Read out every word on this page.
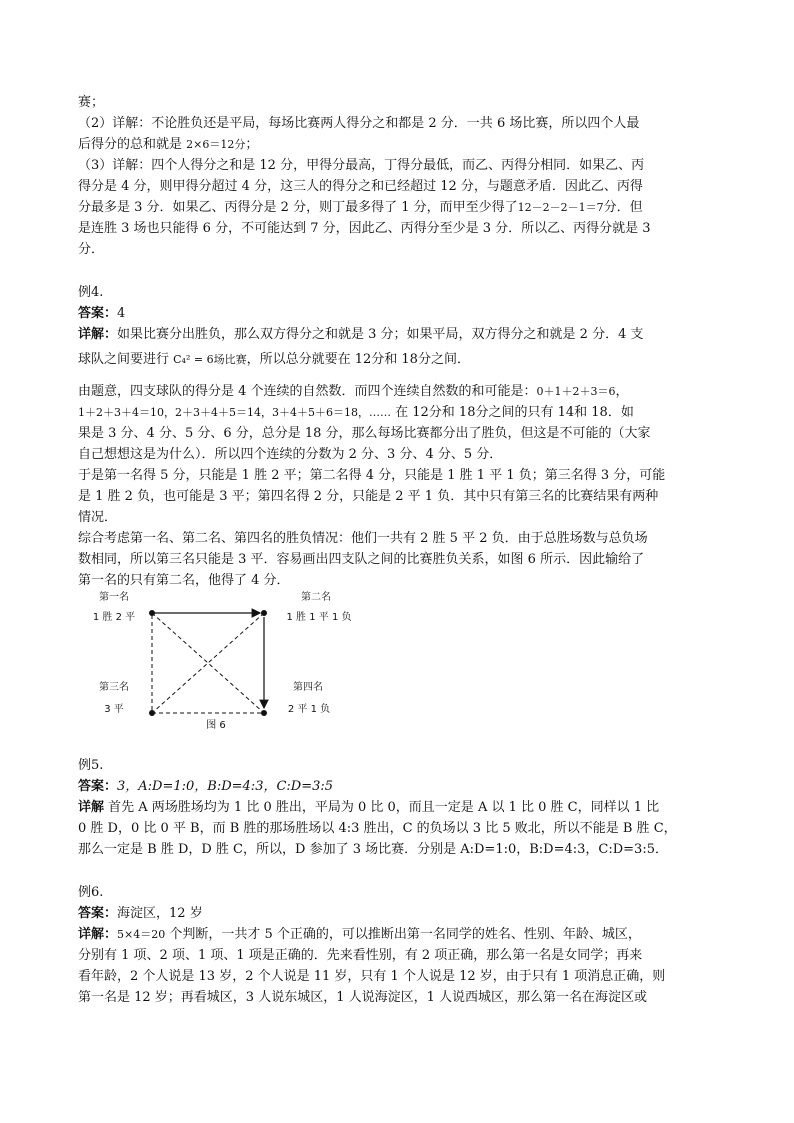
赛；

（2）详解：不论胜负还是平局，每场比赛两人得分之和都是 2 分．一共 6 场比赛，所以四个人最

后得分的总和就是 2×6＝12分；

（3）详解：四个人得分之和是 12 分，甲得分最高，丁得分最低，而乙、丙得分相同．如果乙、丙

得分是 4 分，则甲得分超过 4 分，这三人的得分之和已经超过 12 分，与题意矛盾．因此乙、丙得

分最多是 3 分．如果乙、丙得分是 2 分，则丁最多得了 1 分，而甲至少得了12－2－2－1＝7分．但

是连胜 3 场也只能得 6 分，不可能达到 7 分，因此乙、丙得分至少是 3 分．所以乙、丙得分就是 3

分．

例4.

答案：4

详解：如果比赛分出胜负，那么双方得分之和就是 3 分；如果平局，双方得分之和就是 2 分．4 支

球队之间要进行 C₄² = 6场比赛，所以总分就要在 12分和 18分之间．

由题意，四支球队的得分是 4 个连续的自然数．而四个连续自然数的和可能是：0＋1＋2＋3＝6，

1＋2＋3＋4＝10，2＋3＋4＋5＝14，3＋4＋5＋6＝18，…… 在 12分和 18分之间的只有 14和 18．如

果是 3 分、4 分、5 分、6 分，总分是 18 分，那么每场比赛都分出了胜负，但这是不可能的（大家

自己想想这是为什么）．所以四个连续的分数为 2 分、3 分、4 分、5 分．

于是第一名得 5 分，只能是 1 胜 2 平；第二名得 4 分，只能是 1 胜 1 平 1 负；第三名得 3 分，可能

是 1 胜 2 负，也可能是 3 平；第四名得 2 分，只能是 2 平 1 负．其中只有第三名的比赛结果有两种

情况．

综合考虑第一名、第二名、第四名的胜负情况：他们一共有 2 胜 5 平 2 负．由于总胜场数与总负场

数相同，所以第三名只能是 3 平．容易画出四支队之间的比赛胜负关系，如图 6 所示．因此输给了

第一名的只有第二名，他得了 4 分．

第一名
1 胜 2 平
第二名
1 胜 1 平 1 负
第三名
3 平
第四名
2 平 1 负
图 6

例5.

答案：3，A:D=1:0，B:D=4:3，C:D=3:5

详解 首先 A 两场胜场均为 1 比 0 胜出，平局为 0 比 0，而且一定是 A 以 1 比 0 胜 C，同样以 1 比

0 胜 D，0 比 0 平 B，而 B 胜的那场胜场以 4:3 胜出，C 的负场以 3 比 5 败北，所以不能是 B 胜 C，

那么一定是 B 胜 D，D 胜 C，所以，D 参加了 3 场比赛．分别是 A:D=1:0，B:D=4:3，C:D=3:5．

例6.

答案：海淀区，12 岁

详解：5×4＝20 个判断，一共才 5 个正确的，可以推断出第一名同学的姓名、性别、年龄、城区，

分别有 1 项、2 项、1 项、1 项是正确的．先来看性别，有 2 项正确，那么第一名是女同学；再来

看年龄，2 个人说是 13 岁，2 个人说是 11 岁，只有 1 个人说是 12 岁，由于只有 1 项消息正确，则

第一名是 12 岁；再看城区，3 人说东城区，1 人说海淀区，1 人说西城区，那么第一名在海淀区或
